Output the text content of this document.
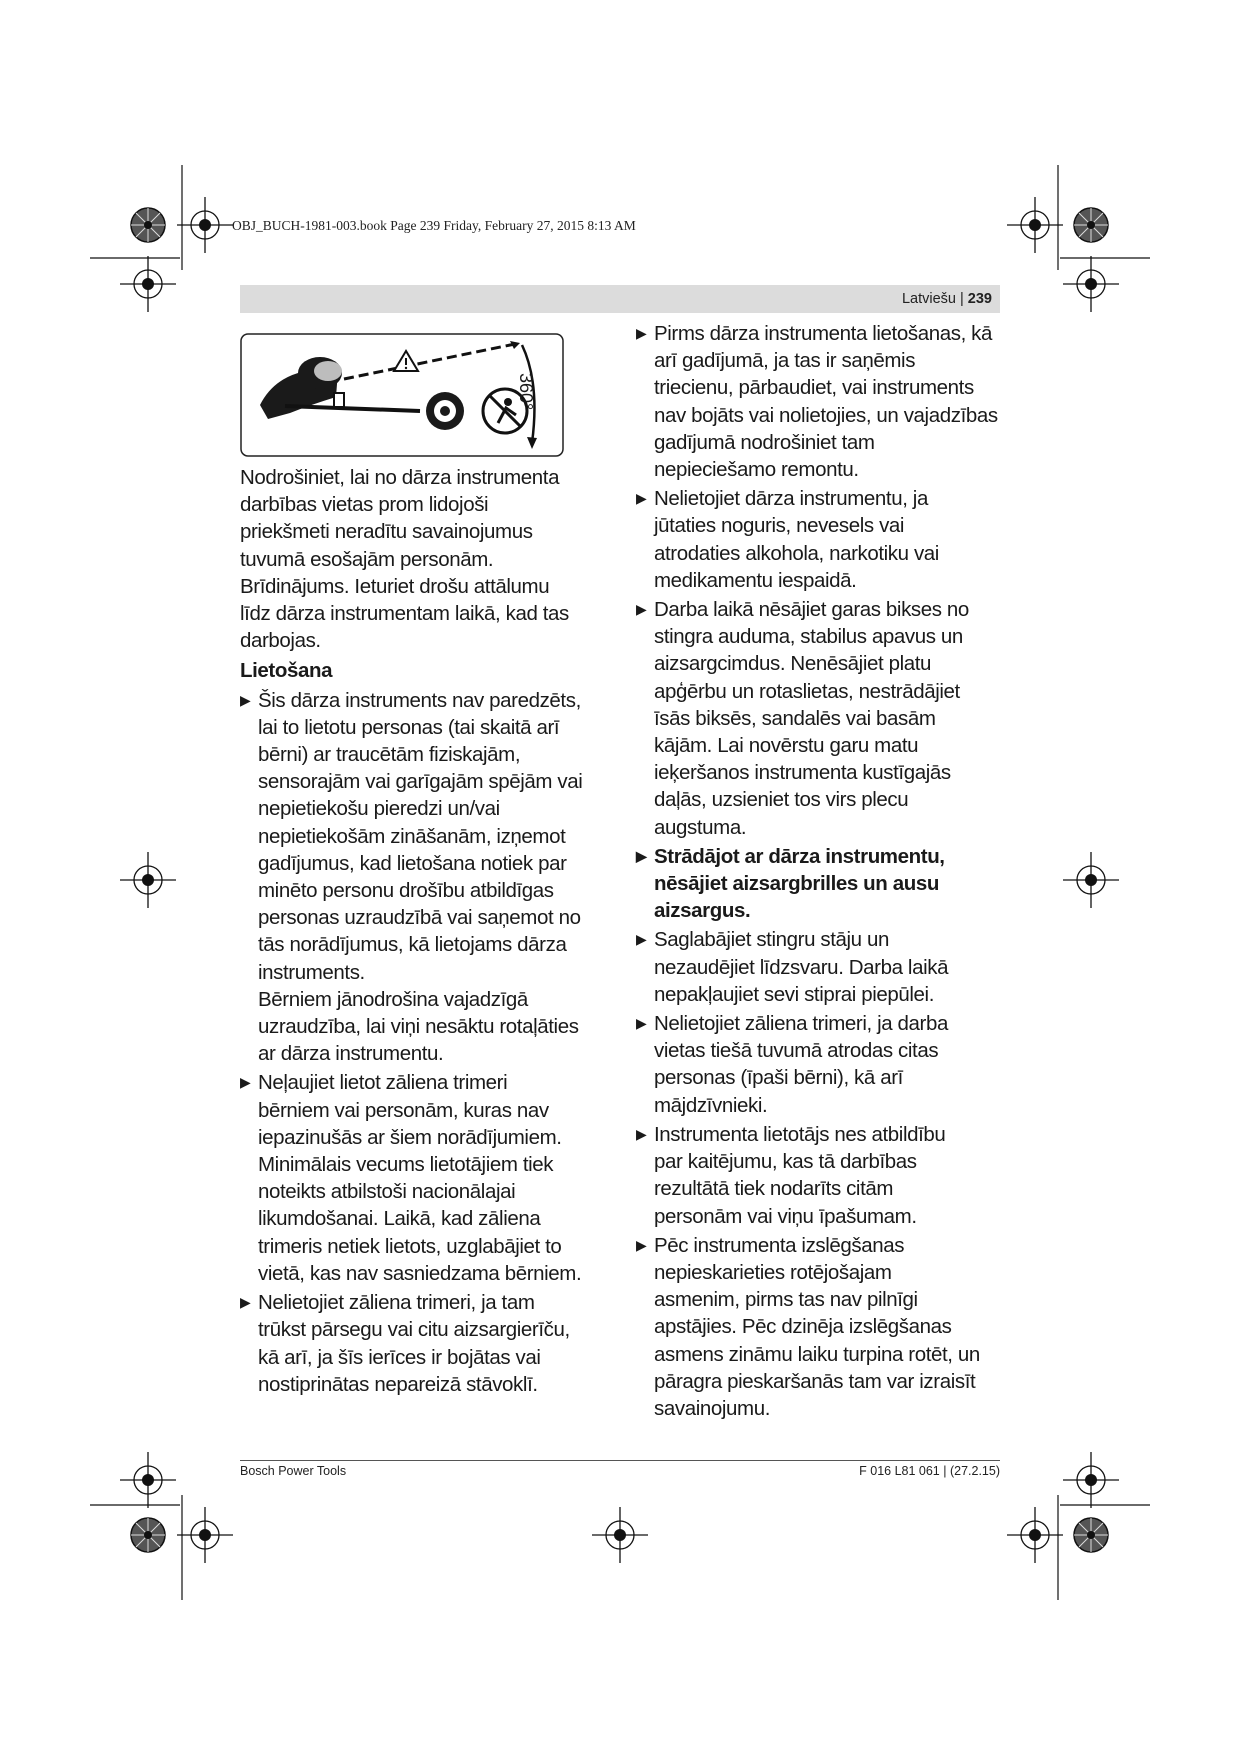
OBJ_BUCH-1981-003.book Page 239 Friday, February 27, 2015 8:13 AM
Latviešu | 239
360°

Nodrošiniet, lai no dārza instrumenta
darbības vietas prom lidojoši
priekšmeti neradītu savainojumus
tuvumā esošajām personām.
Brīdinājums. Ieturiet drošu attālumu
līdz dārza instrumentam laikā, kad tas
darbojas.

Lietošana
▶ Šis dārza instruments nav paredzēts,
lai to lietotu personas (tai skaitā arī
bērni) ar traucētām fiziskajām,
sensorajām vai garīgajām spējām vai
nepietiekošu pieredzi un/vai
nepietiekošām zināšanām, izņemot
gadījumus, kad lietošana notiek par
minēto personu drošību atbildīgas
personas uzraudzībā vai saņemot no
tās norādījumus, kā lietojams dārza
instruments.
Bērniem jānodrošina vajadzīgā
uzraudzība, lai viņi nesāktu rotaļāties
ar dārza instrumentu.
▶ Neļaujiet lietot zāliena trimeri
bērniem vai personām, kuras nav
iepazinušās ar šiem norādījumiem.
Minimālais vecums lietotājiem tiek
noteikts atbilstoši nacionālajai
likumdošanai. Laikā, kad zāliena
trimeris netiek lietots, uzglabājiet to
vietā, kas nav sasniedzama bērniem.
▶ Nelietojiet zāliena trimeri, ja tam
trūkst pārsegu vai citu aizsargierīču,
kā arī, ja šīs ierīces ir bojātas vai
nostiprinātas nepareizā stāvoklī.
▶ Pirms dārza instrumenta lietošanas, kā
arī gadījumā, ja tas ir saņēmis
triecienu, pārbaudiet, vai instruments
nav bojāts vai nolietojies, un vajadzības
gadījumā nodrošiniet tam
nepieciešamo remontu.
▶ Nelietojiet dārza instrumentu, ja
jūtaties noguris, nevesels vai
atrodaties alkohola, narkotiku vai
medikamentu iespaidā.
▶ Darba laikā nēsājiet garas bikses no
stingra auduma, stabilus apavus un
aizsargcimdus. Nenēsājiet platu
apģērbu un rotaslietas, nestrādājiet
īsās biksēs, sandalēs vai basām
kājām. Lai novērstu garu matu
ieķeršanos instrumenta kustīgajās
daļās, uzsieniet tos virs plecu
augstuma.
▶ Strādājot ar dārza instrumentu,
nēsājiet aizsargbrilles un ausu
aizsargus.
▶ Saglabājiet stingru stāju un
nezaudējiet līdzsvaru. Darba laikā
nepakļaujiet sevi stiprai piepūlei.
▶ Nelietojiet zāliena trimeri, ja darba
vietas tiešā tuvumā atrodas citas
personas (īpaši bērni), kā arī
mājdzīvnieki.
▶ Instrumenta lietotājs nes atbildību
par kaitējumu, kas tā darbības
rezultātā tiek nodarīts citām
personām vai viņu īpašumam.
▶ Pēc instrumenta izslēgšanas
nepieskarieties rotējošajam
asmenim, pirms tas nav pilnīgi
apstājies. Pēc dzinēja izslēgšanas
asmens zināmu laiku turpina rotēt, un
pāragra pieskaršanās tam var izraisīt
savainojumu.
Bosch Power Tools	F 016 L81 061 | (27.2.15)
